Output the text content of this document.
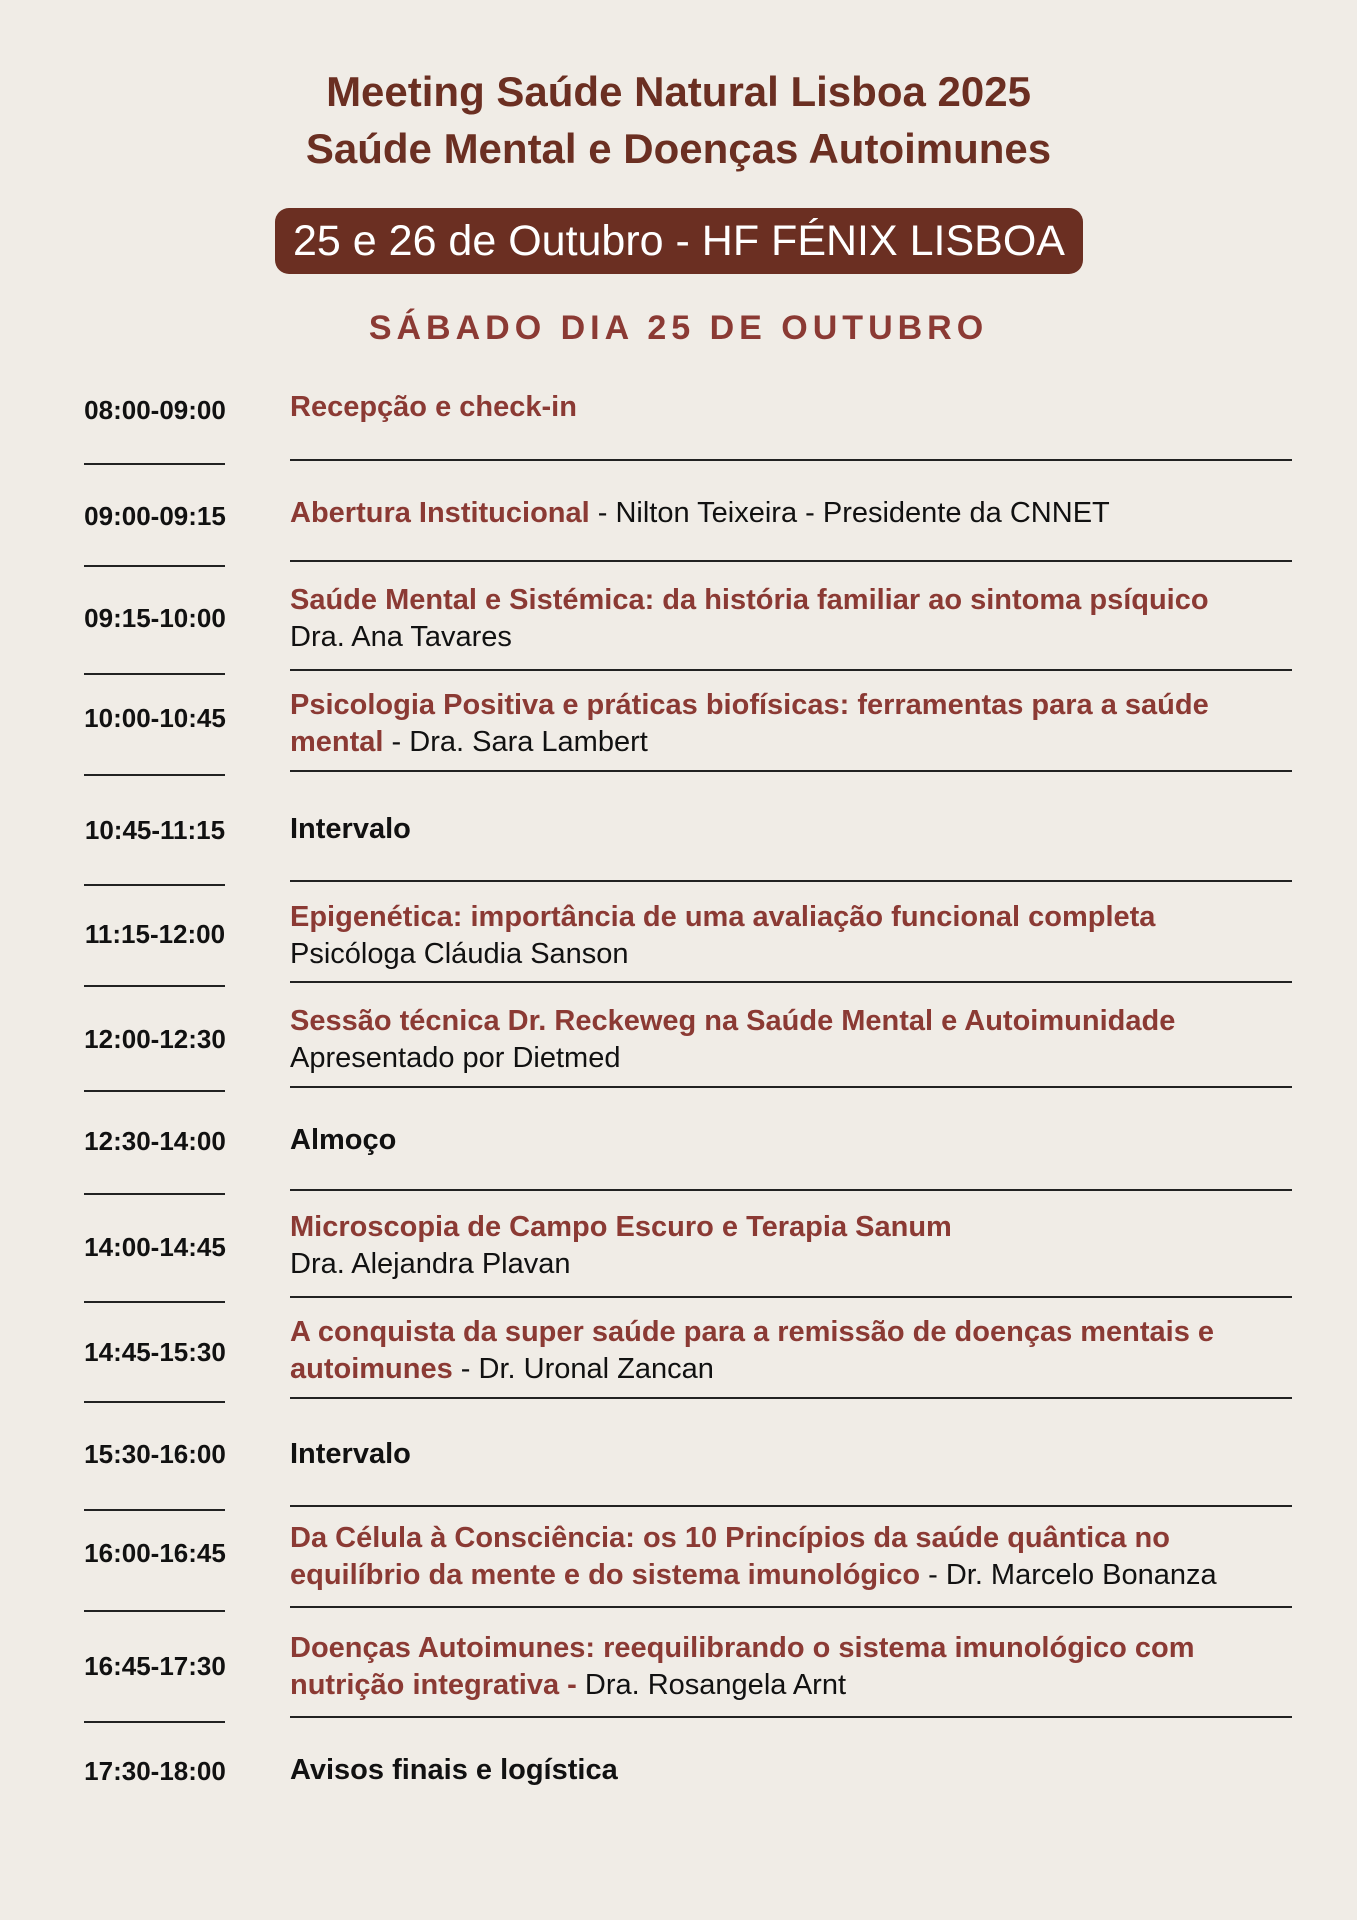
Meeting Saúde Natural Lisboa 2025
Saúde Mental e Doenças Autoimunes
25 e 26 de Outubro - HF FÉNIX LISBOA
SÁBADO DIA 25 DE OUTUBRO
08:00-09:00	Recepção e check-in
09:00-09:15	Abertura Institucional - Nilton Teixeira - Presidente da CNNET
09:15-10:00
Saúde Mental e Sistémica: da história familiar ao sintoma psíquico
Dra. Ana Tavares
10:00-10:45	Psicologia Positiva e práticas biofísicas: ferramentas para a saúde mental - Dra. Sara Lambert
10:45-11:15	Intervalo
11:15-12:00
Epigenética: importância de uma avaliação funcional completa
Psicóloga Cláudia Sanson
12:00-12:30
Sessão técnica Dr. Reckeweg na Saúde Mental e Autoimunidade
Apresentado por Dietmed
12:30-14:00	Almoço
14:00-14:45
Microscopia de Campo Escuro e Terapia Sanum
Dra. Alejandra Plavan
14:45-15:30
A conquista da super saúde para a remissão de doenças mentais e autoimunes - Dr. Uronal Zancan
15:30-16:00	Intervalo
16:00-16:45	Da Célula à Consciência: os 10 Princípios da saúde quântica no equilíbrio da mente e do sistema imunológico - Dr. Marcelo Bonanza
16:45-17:30
Doenças Autoimunes: reequilibrando o sistema imunológico com nutrição integrativa - Dra. Rosangela Arnt
17:30-18:00	Avisos finais e logística
